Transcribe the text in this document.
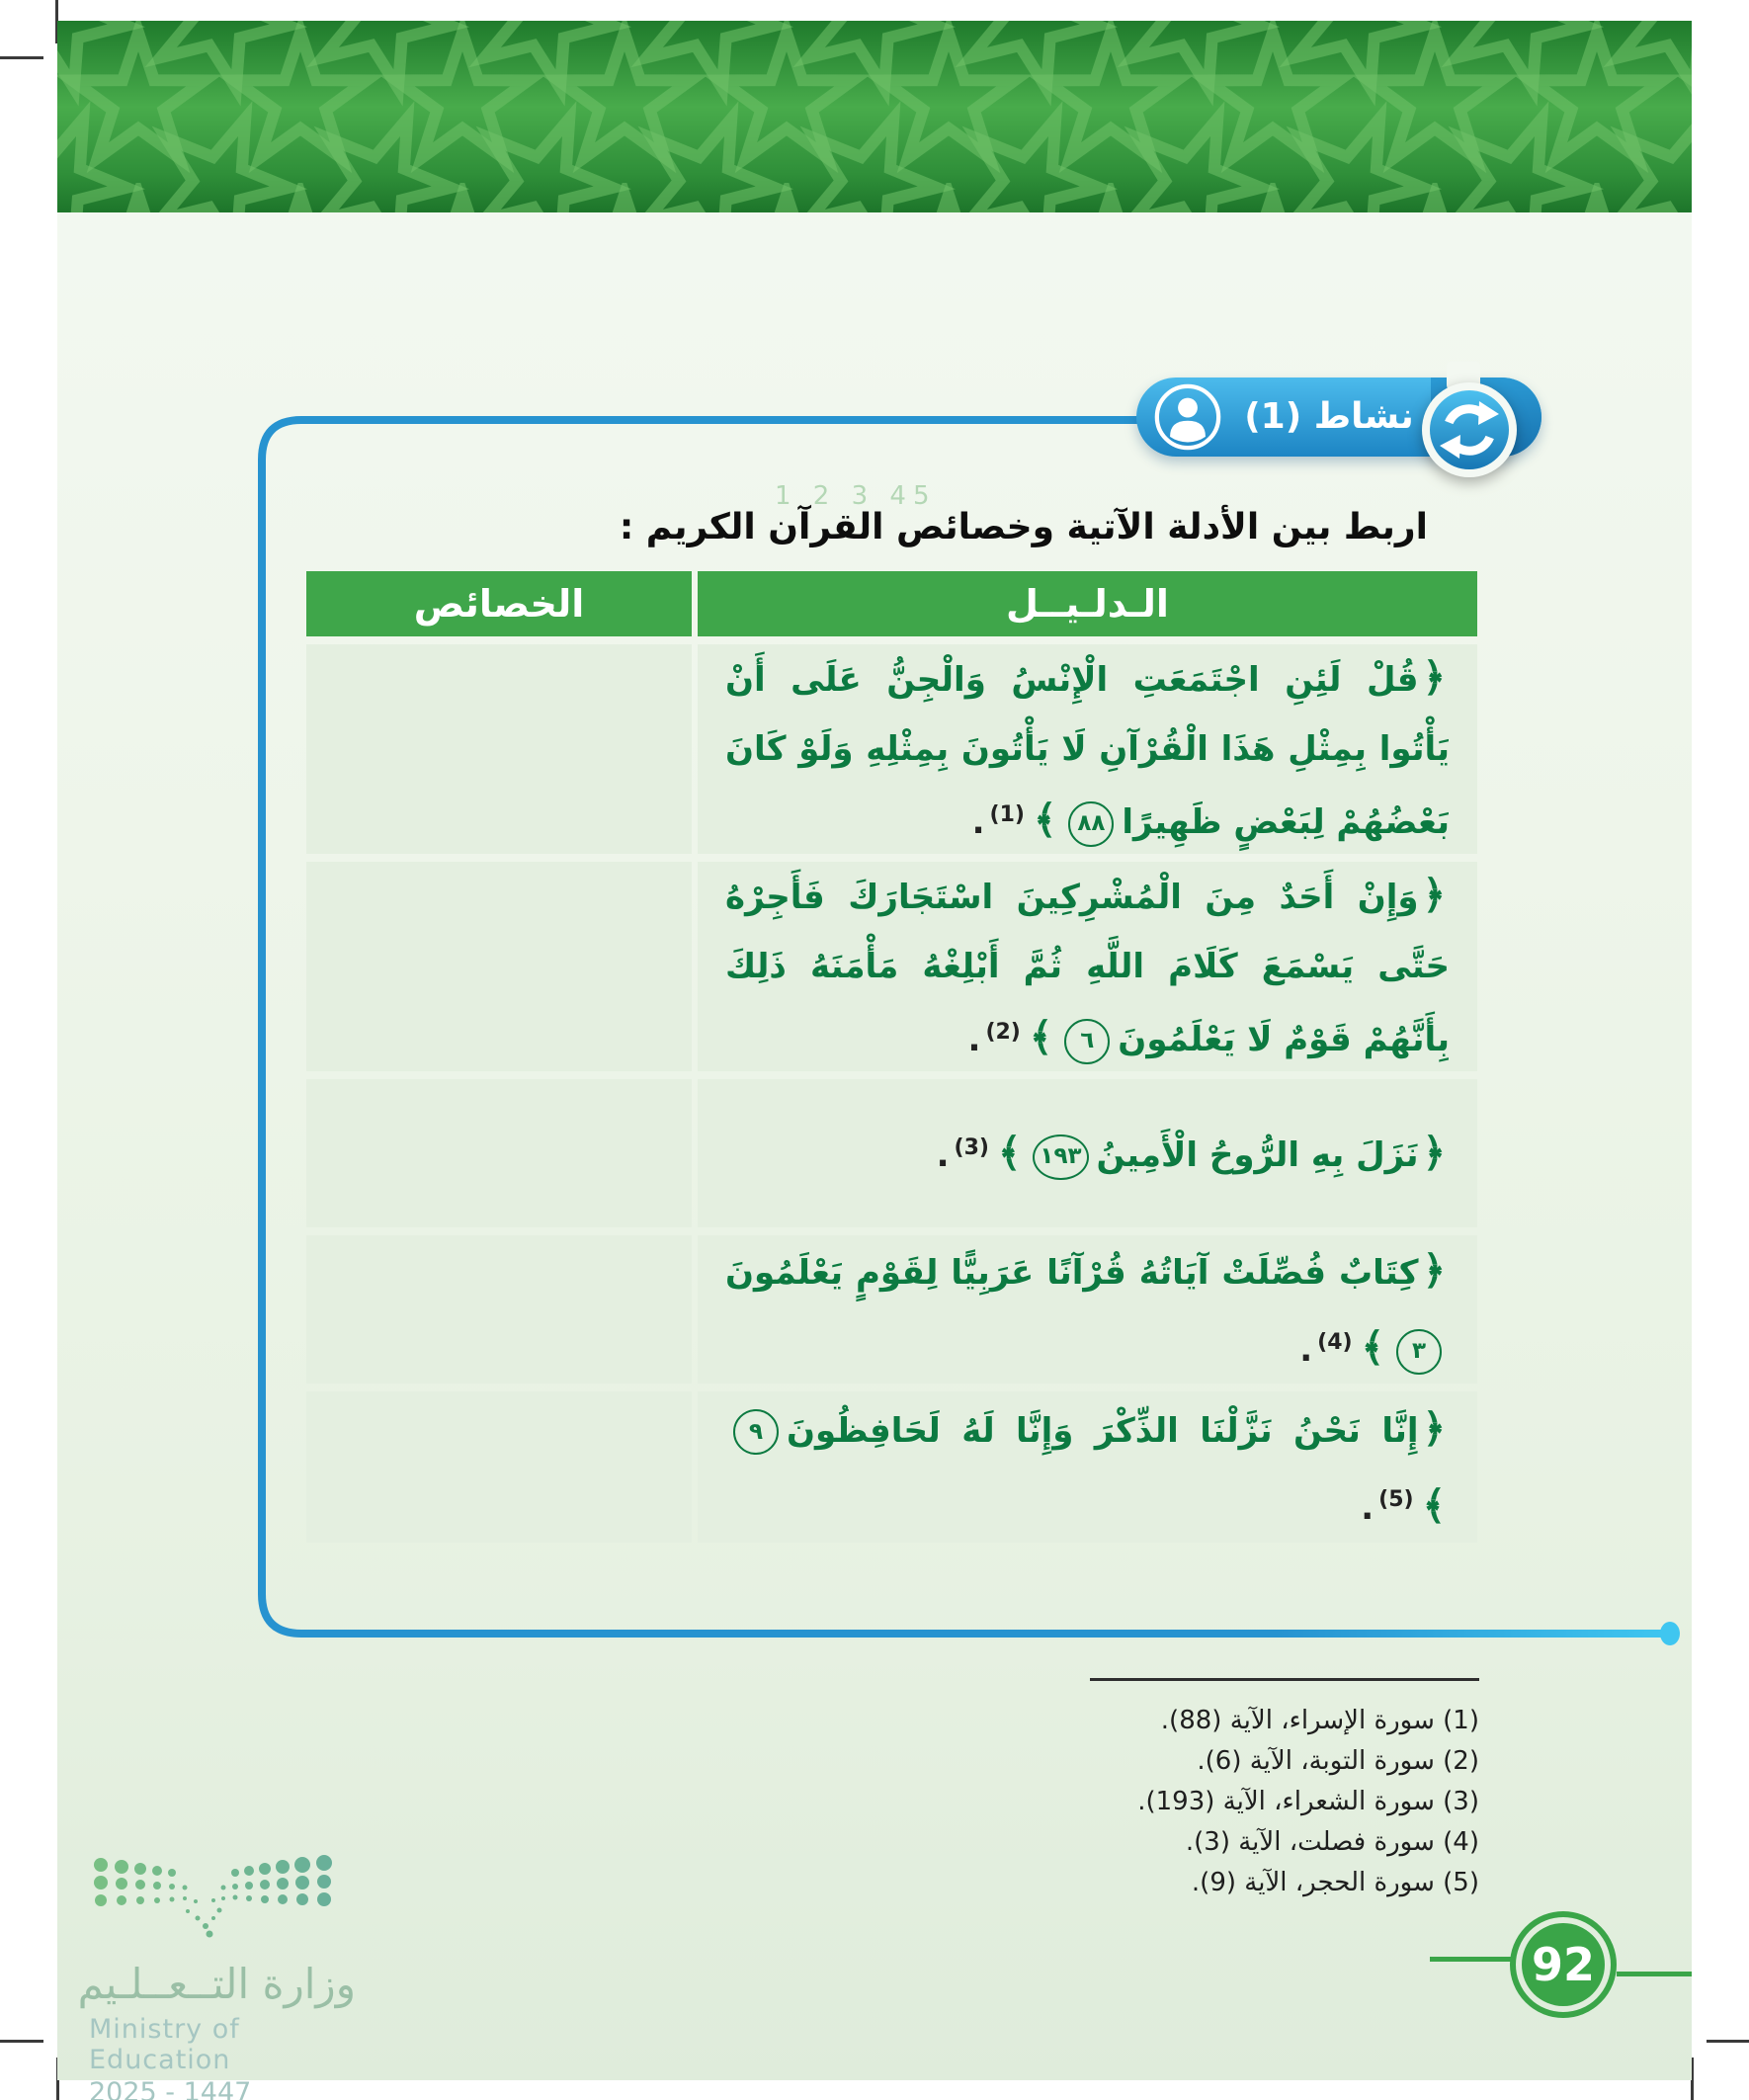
1 2 3 45
نشاط (1)
اربط بين الأدلة الآتية وخصائص القرآن الكريم :
الخصائص	الـدلـيــل
﴿قُلْ لَئِنِ اجْتَمَعَتِ الْإِنْسُ وَالْجِنُّ عَلَى أَنْ يَأْتُوا بِمِثْلِ هَذَا الْقُرْآنِ لَا يَأْتُونَ بِمِثْلِهِ وَلَوْ كَانَ بَعْضُهُمْ لِبَعْضٍ ظَهِيرًا٨٨﴾$^{(1)}$.
﴿وَإِنْ أَحَدٌ مِنَ الْمُشْرِكِينَ اسْتَجَارَكَ فَأَجِرْهُ حَتَّى يَسْمَعَ كَلَامَ اللَّهِ ثُمَّ أَبْلِغْهُ مَأْمَنَهُ ذَلِكَ بِأَنَّهُمْ قَوْمٌ لَا يَعْلَمُونَ٦﴾$^{(2)}$.
﴿نَزَلَ بِهِ الرُّوحُ الْأَمِينُ١٩٣﴾$^{(3)}$.
﴿كِتَابٌ فُصِّلَتْ آيَاتُهُ قُرْآنًا عَرَبِيًّا لِقَوْمٍ يَعْلَمُونَ٣﴾$^{(4)}$.
﴿إِنَّا نَحْنُ نَزَّلْنَا الذِّكْرَ وَإِنَّا لَهُ لَحَافِظُونَ٩﴾$^{(5)}$.
(1) سورة الإسراء، الآية (88).
(2) سورة التوبة، الآية (6).
(3) سورة الشعراء، الآية (193).
(4) سورة فصلت، الآية (3).
(5) سورة الحجر، الآية (9).
وزارة التــعــلـيم
Ministry of Education
2025 - 1447
92
